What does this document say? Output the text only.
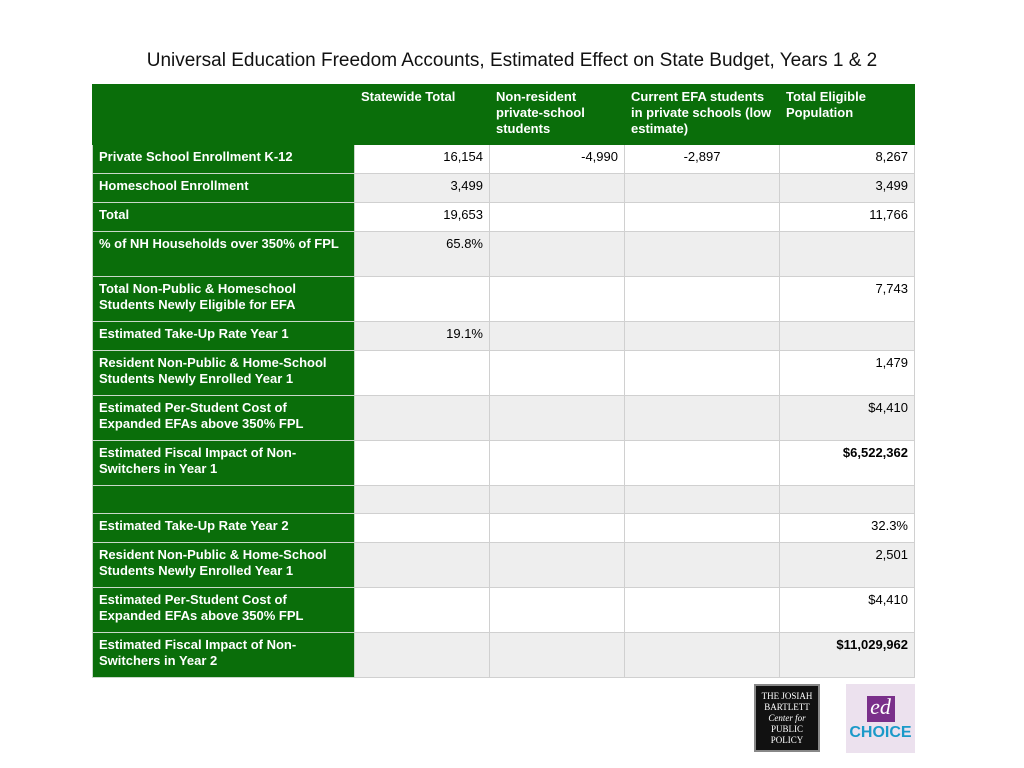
Universal Education Freedom Accounts, Estimated Effect on State Budget, Years 1 & 2
	Statewide Total	Non-resident private-school students	Current EFA students in private schools (low estimate)	Total Eligible Population
Private School Enrollment K-12	16,154	-4,990	-2,897	8,267
Homeschool Enrollment	3,499			3,499
Total	19,653			11,766
% of NH Households over 350% of FPL	65.8%			
Total Non-Public & Homeschool Students Newly Eligible for EFA				7,743
Estimated Take-Up Rate Year 1	19.1%			
Resident Non-Public & Home-School Students Newly Enrolled Year 1				1,479
Estimated Per-Student Cost of Expanded EFAs above 350% FPL				$4,410
Estimated Fiscal Impact of Non-Switchers in Year 1				$6,522,362

Estimated Take-Up Rate Year 2				32.3%
Resident Non-Public & Home-School Students Newly Enrolled Year 1				2,501
Estimated Per-Student Cost of Expanded EFAs above 350% FPL				$4,410
Estimated Fiscal Impact of Non-Switchers in Year 2				$11,029,962
THE JOSIAH
BARTLETT
Center for
PUBLIC
POLICY
ed
CHOICE
